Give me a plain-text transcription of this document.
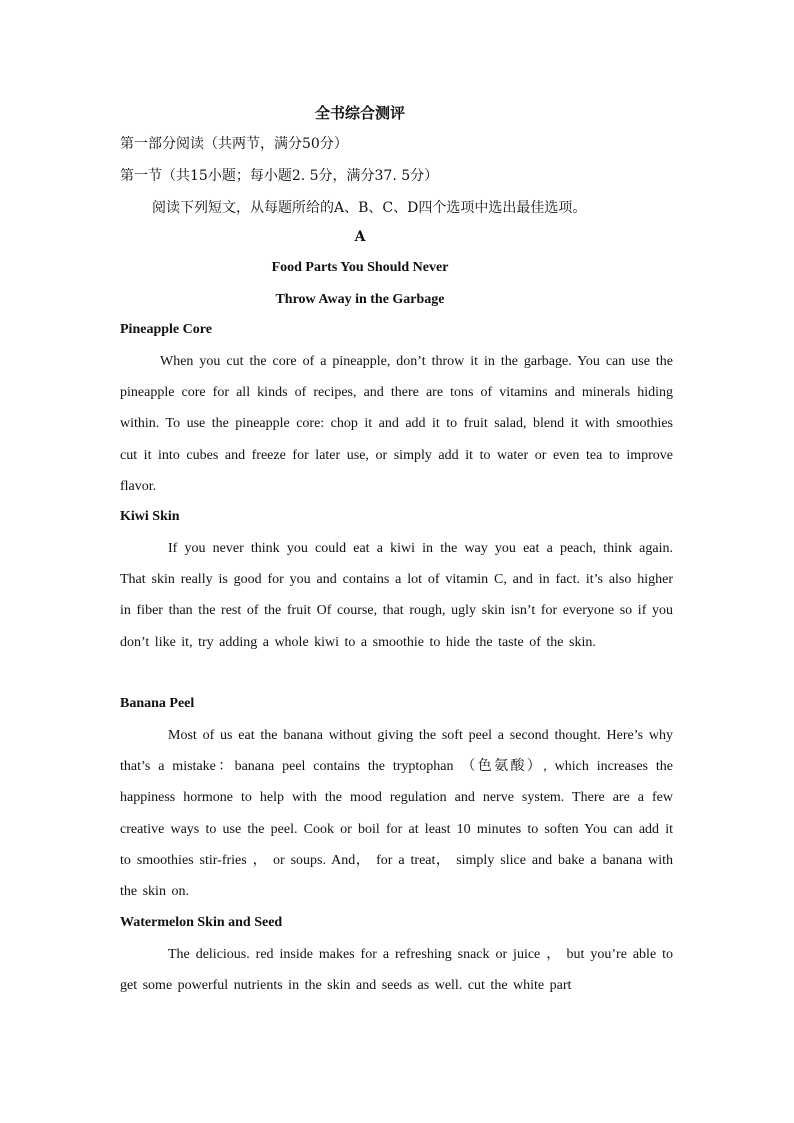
全书综合测评
第一部分阅读（共两节，满分50分）
第一节（共15小题；每小题2. 5分，满分37. 5分）
阅读下列短文，从每题所给的A、B、C、D四个选项中选出最佳选项。
A
Food Parts You Should Never
Throw Away in the Garbage
Pineapple Core
When you cut the core of a pineapple, don’t throw it in the garbage. You can use the pineapple core for all kinds of recipes, and there are tons of vitamins and minerals hiding within. To use the pineapple core: chop it and add it to fruit salad, blend it with smoothies cut it into cubes and freeze for later use, or simply add it to water or even tea to improve flavor.
Kiwi Skin
If you never think you could eat a kiwi in the way you eat a peach, think again. That skin really is good for you and contains a lot of vitamin C, and in fact. it’s also higher in fiber than the rest of the fruit Of course, that rough, ugly skin isn’t for everyone so if you don’t like it, try adding a whole kiwi to a smoothie to hide the taste of the skin.
Banana Peel
Most of us eat the banana without giving the soft peel a second thought. Here’s why that’s a mistake：banana peel contains the tryptophan （色氨酸）, which increases the happiness hormone to help with the mood regulation and nerve system. There are a few creative ways to use the peel. Cook or boil for at least 10 minutes to soften You can add it to smoothies stir-fries ， or soups. And， for a treat， simply slice and bake a banana with the skin on.
Watermelon Skin and Seed
The delicious. red inside makes for a refreshing snack or juice ， but you’re able to get some powerful nutrients in the skin and seeds as well. cut the white part
